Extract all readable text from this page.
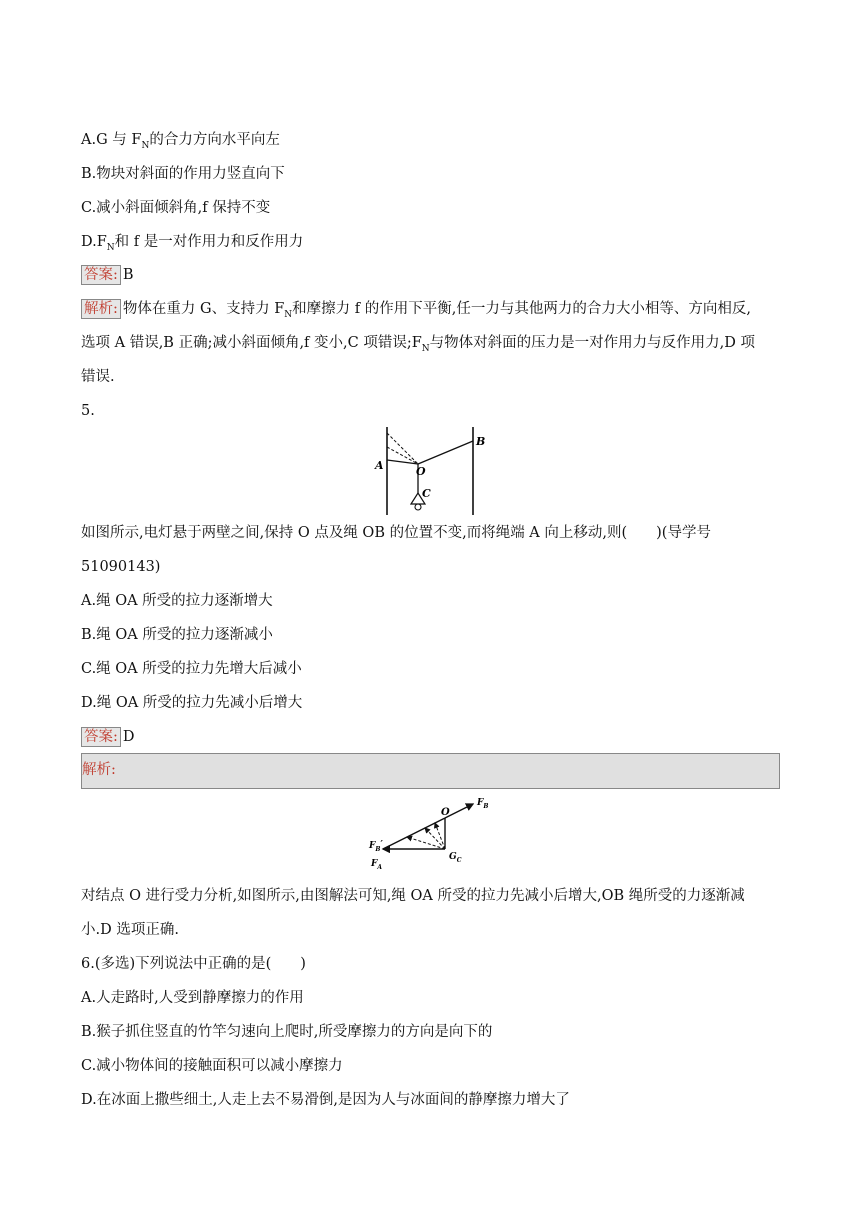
A.G 与 $F_N$的合力方向水平向左
B.物块对斜面的作用力竖直向下
C.减小斜面倾斜角,f 保持不变
$D.F_N$和 f 是一对作用力和反作用力
答案: B
解析: 物体在重力 G、支持力 $F_N$和摩擦力 f 的作用下平衡,任一力与其他两力的合力大小相等、方向相反,
选项 A 错误,B 正确;减小斜面倾角,f 变小,C 项错误$;F_N$与物体对斜面的压力是一对作用力与反作用力,D 项
错误.
5.
A	O
B
C
如图所示,电灯悬于两壁之间,保持 O 点及绳 OB 的位置不变,而将绳端 A 向上移动,则(　　)(导学号
51090143)
A.绳 OA 所受的拉力逐渐增大
B.绳 OA 所受的拉力逐渐减小
C.绳 OA 所受的拉力先增大后减小
D.绳 OA 所受的拉力先减小后增大
答案: D
解析:
O
$F_B$
$F_B'$
$F_A$
$G_C$
对结点 O 进行受力分析,如图所示,由图解法可知,绳 OA 所受的拉力先减小后增大,OB 绳所受的力逐渐减
小.D 选项正确.
6.(多选)下列说法中正确的是(　　)
A.人走路时,人受到静摩擦力的作用
B.猴子抓住竖直的竹竿匀速向上爬时,所受摩擦力的方向是向下的
C.减小物体间的接触面积可以减小摩擦力
D.在冰面上撒些细土,人走上去不易滑倒,是因为人与冰面间的静摩擦力增大了
